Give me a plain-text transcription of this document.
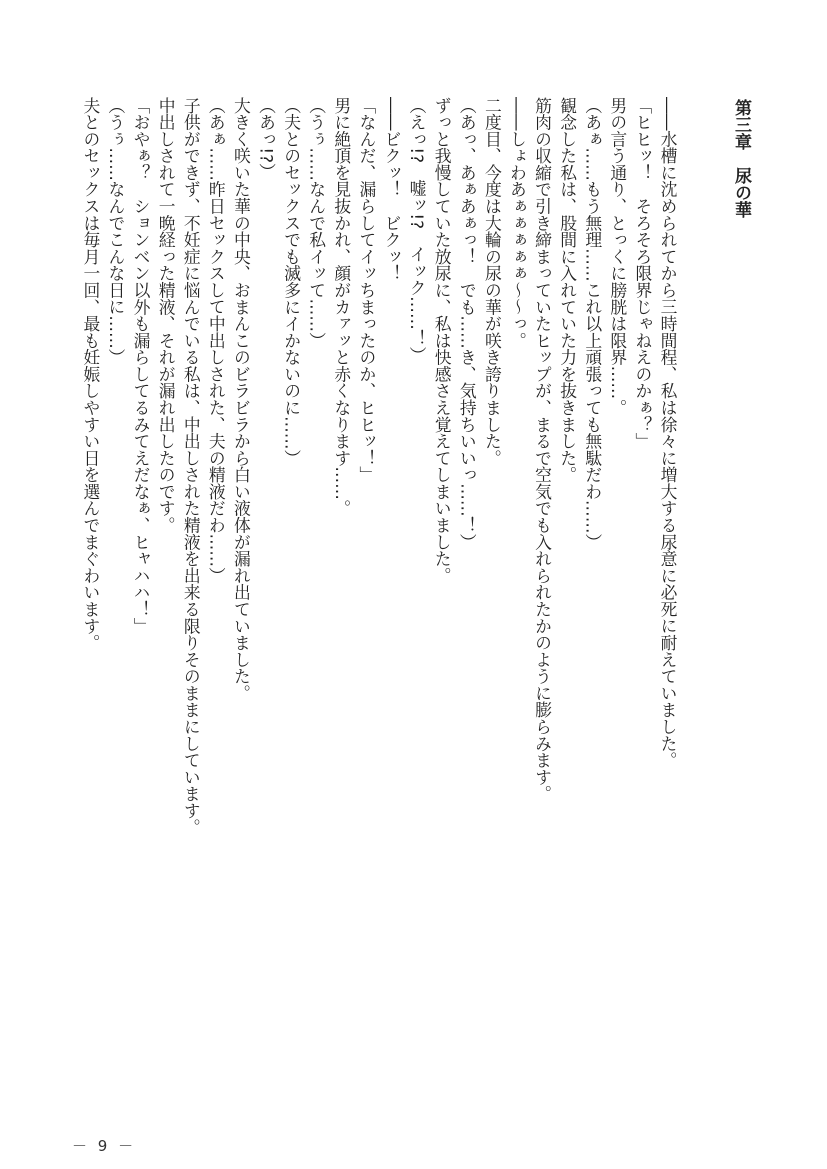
第三章　尿の華
――水槽に沈められてから三時間程、私は徐々に増大する尿意に必死に耐えていました。
「ヒヒッ！　そろそろ限界じゃねえのかぁ？」
男の言う通り、とっくに膀胱は限界……。
（あぁ……もう無理……これ以上頑張っても無駄だわ……）
観念した私は、股間に入れていた力を抜きました。
筋肉の収縮で引き締まっていたヒップが、まるで空気でも入れられたかのように膨らみます。
――しょわあぁぁぁぁぁ～～っ。
二度目、今度は大輪の尿の華が咲き誇りました。
（あっ、あぁあぁっ！　でも……き、気持ちいいっ……！）
ずっと我慢していた放尿に、私は快感さえ覚えてしまいました。
（えっ!?　嘘ッ!?　イック……！）
――ビクッ！　ビクッ！
「なんだ、漏らしてイッちまったのか、ヒヒッ！」
男に絶頂を見抜かれ、顔がカァッと赤くなります……。
（うぅ……なんで私イッて……）
（夫とのセックスでも滅多にイかないのに……）
（あっ!?）
大きく咲いた華の中央、おまんこのビラビラから白い液体が漏れ出ていました。
（あぁ……昨日セックスして中出しされた、夫の精液だわ……）
子供ができず、不妊症に悩んでいる私は、中出しされた精液を出来る限りそのままにしています。
中出しされて一晩経った精液、それが漏れ出したのです。
「おやぁ？　ションベン以外も漏らしてるみてえだなぁ、ヒャハハ！」
（うぅ……なんでこんな日に……）
夫とのセックスは毎月一回、最も妊娠しやすい日を選んでまぐわいます。
－ 9 －
